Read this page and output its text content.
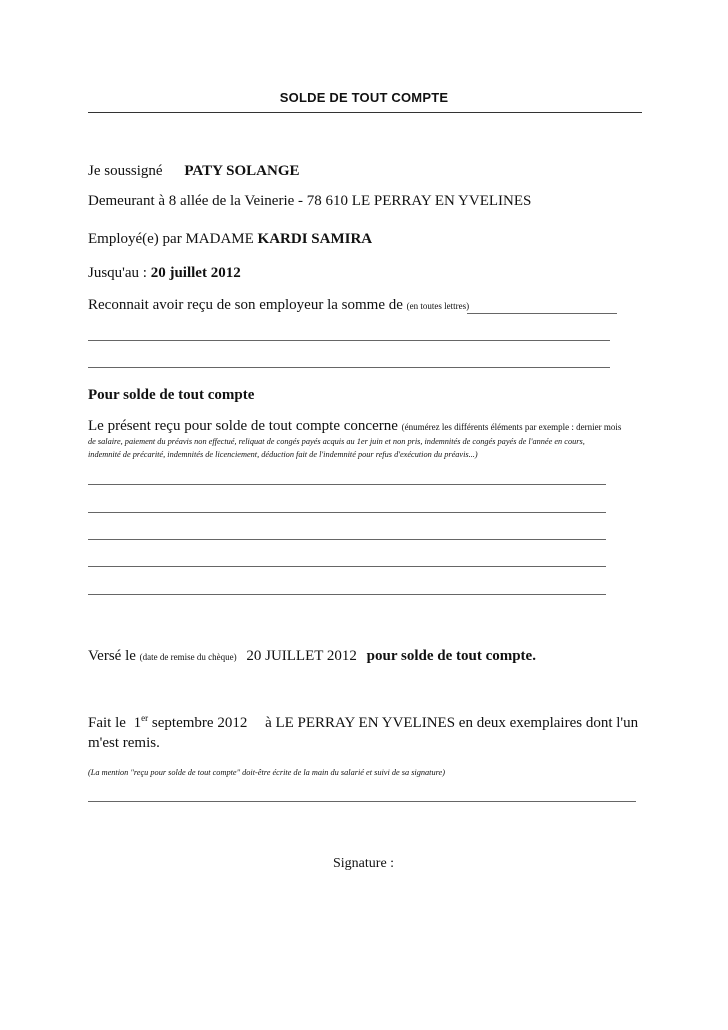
SOLDE DE TOUT COMPTE
Je soussigné PATY SOLANGE
Demeurant à 8 allée de la Veinerie - 78 610 LE PERRAY EN YVELINES
Employé(e) par MADAME KARDI SAMIRA
Jusqu'au : 20 juillet 2012
Reconnait avoir reçu de son employeur la somme de (en toutes lettres)
Pour solde de tout compte
Le présent reçu pour solde de tout compte concerne (énumérez les différents éléments par exemple : dernier mois
de salaire, paiement du préavis non effectué, reliquat de congés payés acquis au 1er juin et non pris, indemnités de congés payés de l'année en cours,
indemnité de précarité, indemnités de licenciement, déduction fait de l'indemnité pour refus d'exécution du préavis...)
Versé le (date de remise du chèque) 20 JUILLET 2012 pour solde de tout compte.
Fait le 1er septembre 2012 à LE PERRAY EN YVELINES en deux exemplaires dont l'un
m'est remis.
(La mention "reçu pour solde de tout compte" doit-être écrite de la main du salarié et suivi de sa signature)
Signature :
